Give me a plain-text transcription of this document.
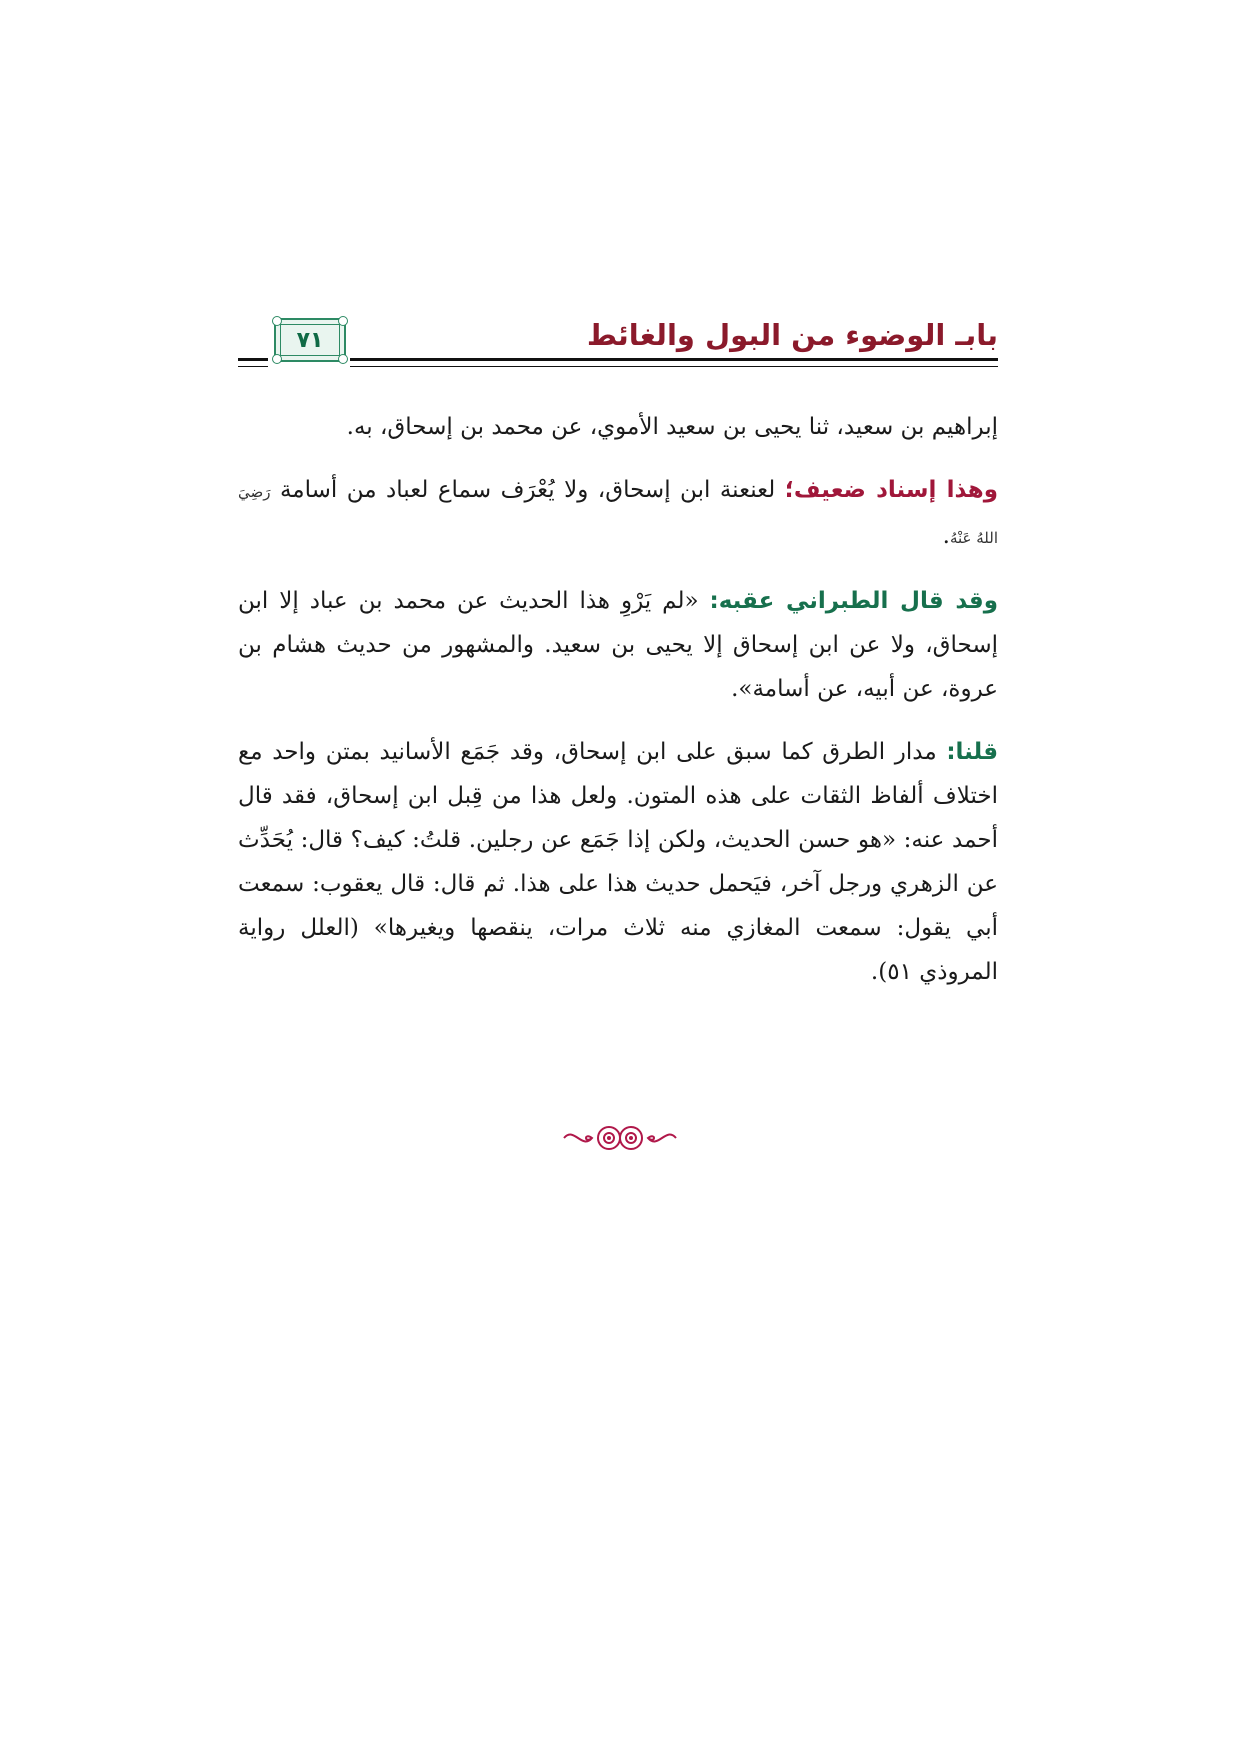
بابـ الوضوء من البول والغائط
٧١

إبراهيم بن سعيد، ثنا يحيى بن سعيد الأموي، عن محمد بن إسحاق، به.

وهذا إسناد ضعيف؛ لعنعنة ابن إسحاق، ولا يُعْرَف سماع لعباد من أسامة رَضِيَ اللهُ عَنْهُ.

وقد قال الطبراني عقبه: «لم يَرْوِ هذا الحديث عن محمد بن عباد إلا ابن إسحاق، ولا عن ابن إسحاق إلا يحيى بن سعيد. والمشهور من حديث هشام بن عروة، عن أبيه، عن أسامة».

قلنا: مدار الطرق كما سبق على ابن إسحاق، وقد جَمَع الأسانيد بمتن واحد مع اختلاف ألفاظ الثقات على هذه المتون. ولعل هذا من قِبل ابن إسحاق، فقد قال أحمد عنه: «هو حسن الحديث، ولكن إذا جَمَع عن رجلين. قلتُ: كيف؟ قال: يُحَدِّث عن الزهري ورجل آخر، فيَحمل حديث هذا على هذا. ثم قال: قال يعقوب: سمعت أبي يقول: سمعت المغازي منه ثلاث مرات، ينقصها ويغيرها» (العلل رواية المروذي ٥١).
